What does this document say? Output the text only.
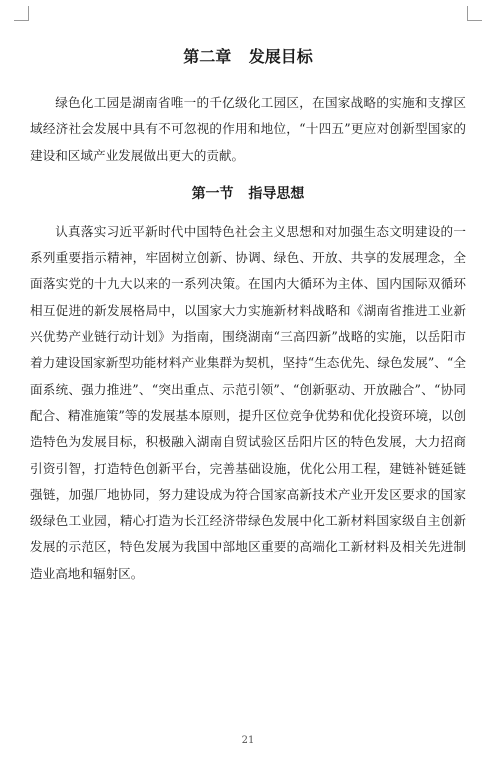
第二章 发展目标

绿色化工园是湖南省唯一的千亿级化工园区，在国家战略的实施和支撑区域经济社会发展中具有不可忽视的作用和地位，“十四五”更应对创新型国家的建设和区域产业发展做出更大的贡献。

第一节 指导思想

认真落实习近平新时代中国特色社会主义思想和对加强生态文明建设的一系列重要指示精神，牢固树立创新、协调、绿色、开放、共享的发展理念，全面落实党的十九大以来的一系列决策。在国内大循环为主体、国内国际双循环相互促进的新发展格局中，以国家大力实施新材料战略和《湖南省推进工业新兴优势产业链行动计划》为指南，围绕湖南“三高四新”战略的实施，以岳阳市着力建设国家新型功能材料产业集群为契机，坚持“生态优先、绿色发展”、“全面系统、强力推进”、“突出重点、示范引领”、“创新驱动、开放融合”、“协同配合、精准施策”等的发展基本原则，提升区位竞争优势和优化投资环境，以创造特色为发展目标，积极融入湖南自贸试验区岳阳片区的特色发展，大力招商引资引智，打造特色创新平台，完善基础设施，优化公用工程，建链补链延链强链，加强厂地协同，努力建设成为符合国家高新技术产业开发区要求的国家级绿色工业园，精心打造为长江经济带绿色发展中化工新材料国家级自主创新发展的示范区，特色发展为我国中部地区重要的高端化工新材料及相关先进制造业高地和辐射区。

21
